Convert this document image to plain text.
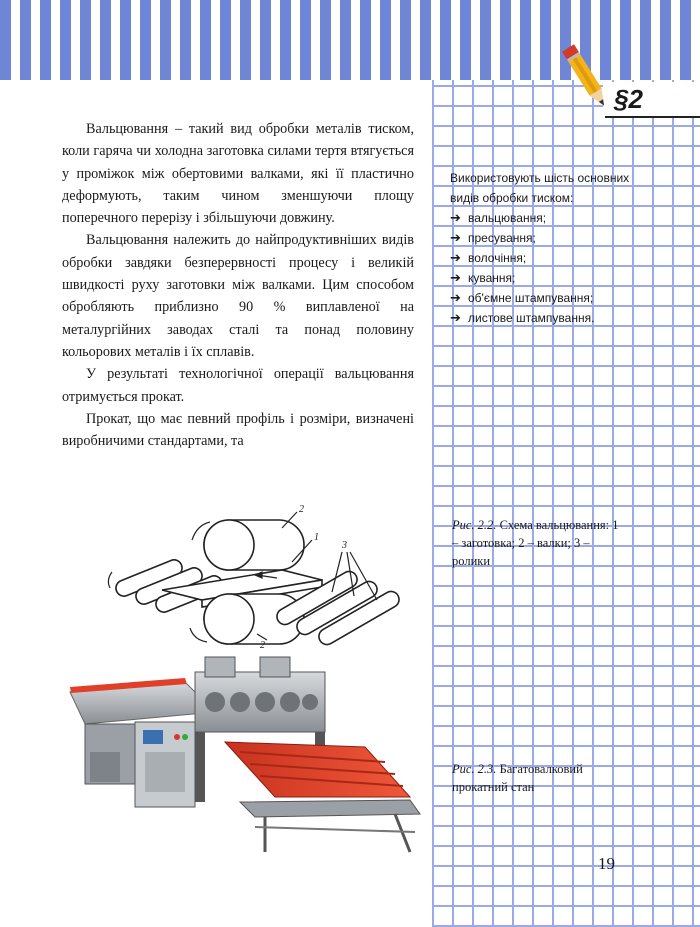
§2

Вальцювання – такий вид обробки металів тиском, коли гаряча чи холодна заготовка силами тертя втягується у проміжок між обертовими валками, які її пластично деформують, таким чином зменшуючи площу поперечного перерізу і збільшуючи довжину.

Вальцювання належить до найпродуктивніших видів обробки завдяки безперервності процесу і великій швидкості руху заготовки між валками. Цим способом обробляють приблизно 90 % виплавленої на металургійних заводах сталі та понад половину кольорових металів і їх сплавів.

У результаті технологічної операції вальцювання отримується прокат.

Прокат, що має певний профіль і розміри, визначені виробничими стандартами, та

Використовують шість основних видів обробки тиском:

➔ вальцювання;
➔ пресування;
➔ волочіння;
➔ кування;
➔ об'ємне штампування;
➔ листове штампування.
2
1
3
2
Рис. 2.2. Схема вальцювання: 1 – заготовка; 2 – валки; 3 – ролики
Рис. 2.3. Багатовалковий прокатний стан
19
